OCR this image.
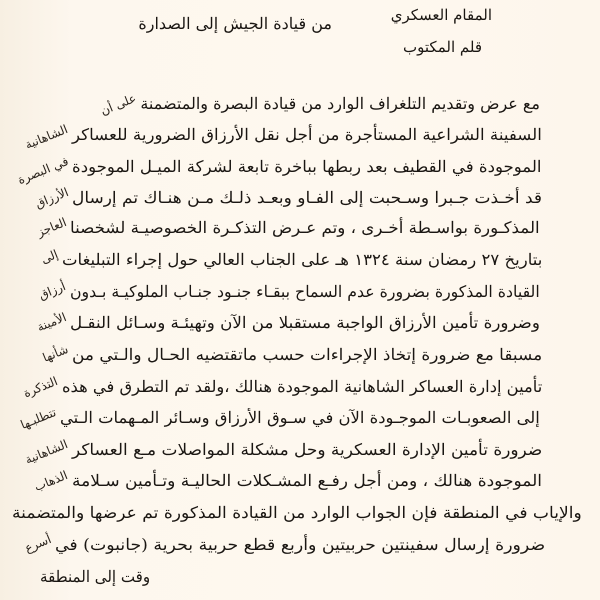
المقام العسكري
قلم المكتوب
من قيادة الجيش إلى الصدارة
مع عرض وتقديم التلغراف الوارد من قيادة البصرة والمتضمنة
على أن
السفينة الشراعية المستأجرة من أجل نقل الأرزاق الضرورية للعساكر
الشاهانية
الموجودة في القطيف بعد ربطها بباخرة تابعة لشركة الميـل الموجودة
في البصرة
قد أخـذت جـبرا وسـحبت إلى الفـاو وبعـد ذلـك مـن هنـاك تم إرسال
الأرزاق
المذكـورة بواسـطة أخـرى ، وتم عـرض التذكـرة الخصوصيـة لشخصنا
العاجز
بتاريخ ٢٧ رمضان سنة ١٣٢٤ هـ على الجناب العالي حول إجراء التبليغات
إلى
القيادة المذكورة بضرورة عدم السماح ببقـاء جنـود جنـاب الملوكيـة بـدون
أرزاق
وضرورة تأمين الأرزاق الواجبة مستقبلا من الآن وتهيئـة وسـائل النقـل
الأمينة
مسبقا مع ضرورة إتخاذ الإجراءات حسب ماتقتضيه الحـال والـتي من
شأنها
تأمين إدارة العساكر الشاهانية الموجودة هنالك ،ولقد تم التطرق في هذه
التذكرة
إلى الصعوبـات الموجـودة الآن في سـوق الأرزاق وسـائر المـهمات الـتي
تتطلبـها
ضرورة تأمين الإدارة العسكرية وحل مشكلة المواصلات مـع العساكر
الشاهانية
الموجودة هنالك ، ومن أجل رفـع المشـكلات الحاليـة وتـأمين سـلامة
الذهاب
والإياب في المنطقة فإن الجواب الوارد من القيادة المذكورة تم عرضها والمتضمنة
ضرورة إرسال سفينتين حربيتين وأربع قطع حربية بحرية (جانبوت) في
أسرع
وقت إلى المنطقة
